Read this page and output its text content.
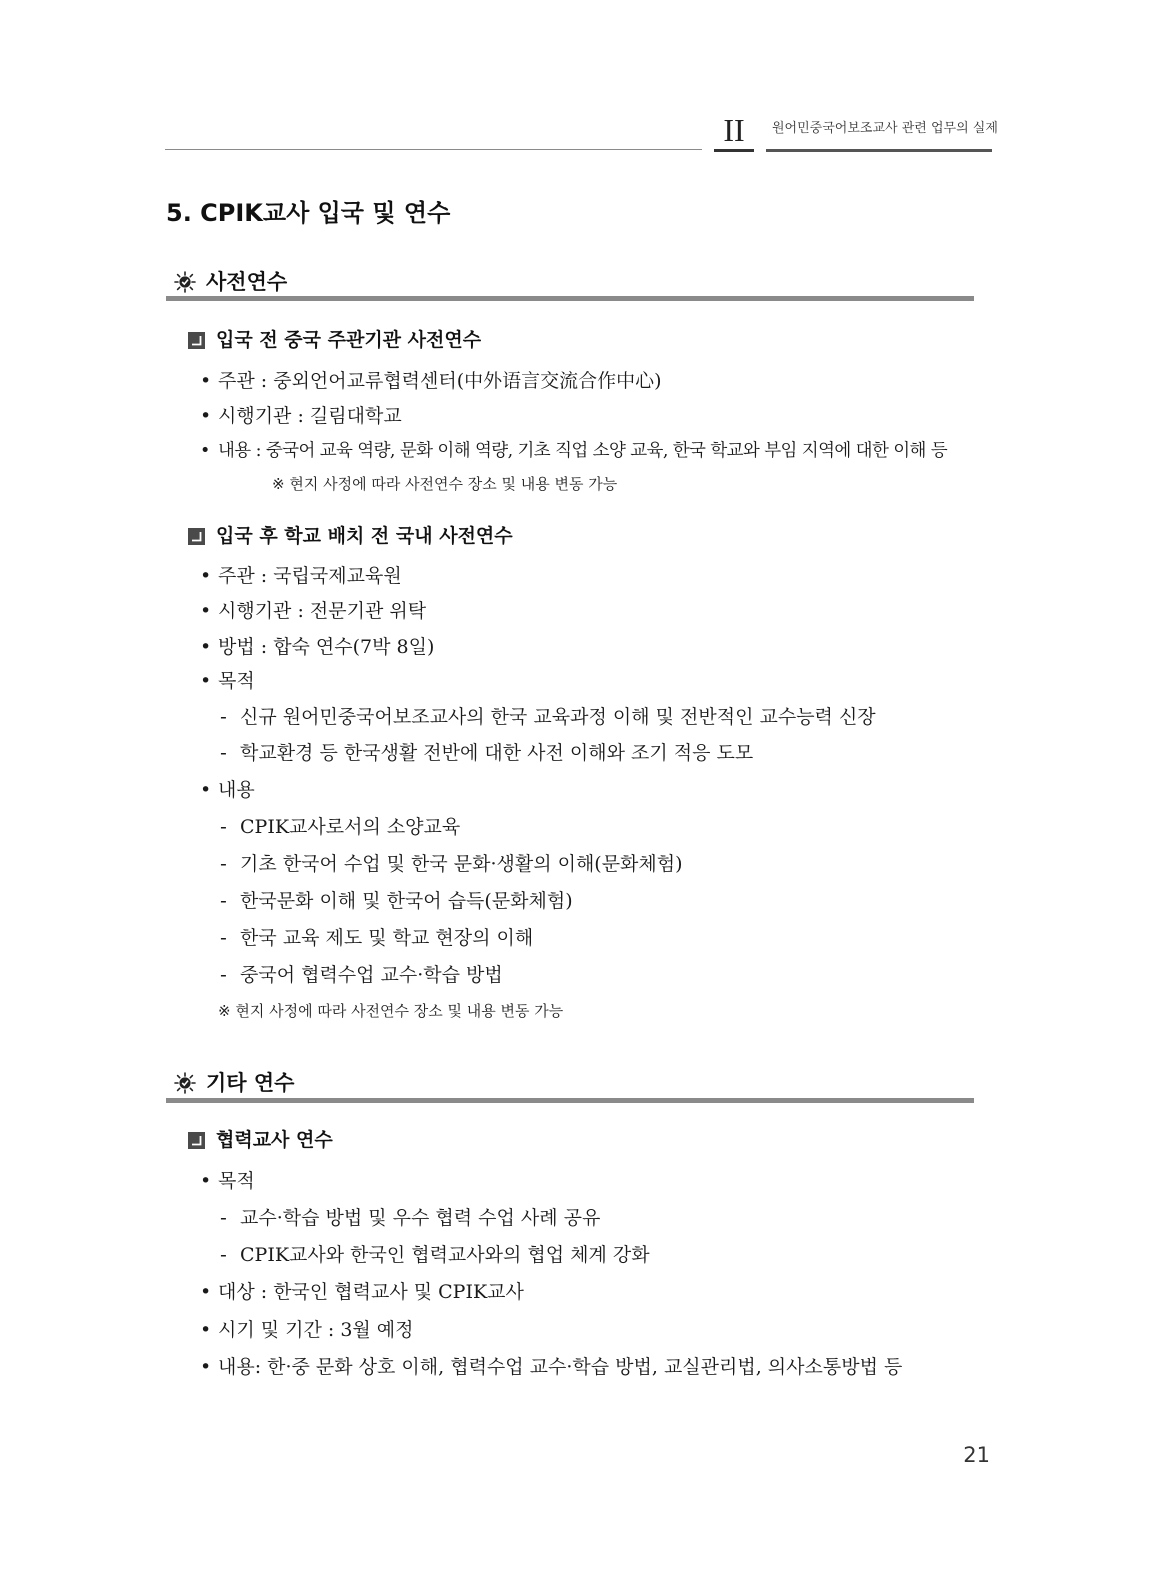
II	원어민중국어보조교사 관련 업무의 실제
5. CPIK교사 입국 및 연수
사전연수
입국 전 중국 주관기관 사전연수
• 주관 : 중외언어교류협력센터(中外语言交流合作中心)
• 시행기관 : 길림대학교
• 내용 : 중국어 교육 역량, 문화 이해 역량, 기초 직업 소양 교육, 한국 학교와 부임 지역에 대한 이해 등
※ 현지 사정에 따라 사전연수 장소 및 내용 변동 가능
입국 후 학교 배치 전 국내 사전연수
• 주관 : 국립국제교육원
• 시행기관 : 전문기관 위탁
• 방법 : 합숙 연수(7박 8일)
• 목적
- 신규 원어민중국어보조교사의 한국 교육과정 이해 및 전반적인 교수능력 신장
- 학교환경 등 한국생활 전반에 대한 사전 이해와 조기 적응 도모
• 내용
- CPIK교사로서의 소양교육
- 기초 한국어 수업 및 한국 문화·생활의 이해(문화체험)
- 한국문화 이해 및 한국어 습득(문화체험)
- 한국 교육 제도 및 학교 현장의 이해
- 중국어 협력수업 교수·학습 방법
※ 현지 사정에 따라 사전연수 장소 및 내용 변동 가능
기타 연수
협력교사 연수
• 목적
- 교수·학습 방법 및 우수 협력 수업 사례 공유
- CPIK교사와 한국인 협력교사와의 협업 체계 강화
• 대상 : 한국인 협력교사 및 CPIK교사
• 시기 및 기간 : 3월 예정
• 내용: 한·중 문화 상호 이해, 협력수업 교수·학습 방법, 교실관리법, 의사소통방법 등
21
